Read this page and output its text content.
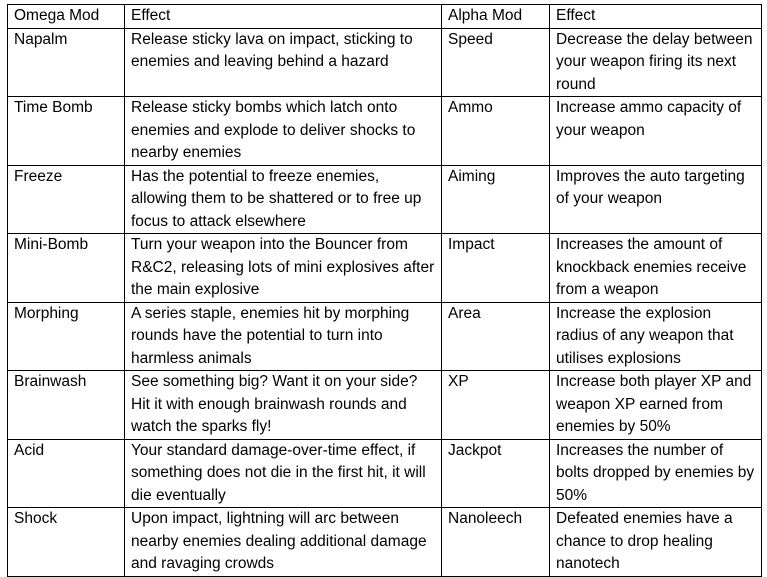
Omega Mod	Effect	Alpha Mod	Effect
Napalm	Release sticky lava on impact, sticking to enemies and leaving behind a hazard	Speed	Decrease the delay between your weapon firing its next round
Time Bomb	Release sticky bombs which latch onto enemies and explode to deliver shocks to nearby enemies	Ammo	Increase ammo capacity of your weapon
Freeze	Has the potential to freeze enemies, allowing them to be shattered or to free up focus to attack elsewhere	Aiming	Improves the auto targeting of your weapon
Mini-Bomb	Turn your weapon into the Bouncer from R&C2, releasing lots of mini explosives after the main explosive	Impact	Increases the amount of knockback enemies receive from a weapon
Morphing	A series staple, enemies hit by morphing rounds have the potential to turn into harmless animals	Area	Increase the explosion radius of any weapon that utilises explosions
Brainwash	See something big? Want it on your side? Hit it with enough brainwash rounds and watch the sparks fly!	XP	Increase both player XP and weapon XP earned from enemies by 50%
Acid	Your standard damage-over-time effect, if something does not die in the first hit, it will die eventually	Jackpot	Increases the number of bolts dropped by enemies by 50%
Shock	Upon impact, lightning will arc between nearby enemies dealing additional damage and ravaging crowds	Nanoleech	Defeated enemies have a chance to drop healing nanotech
